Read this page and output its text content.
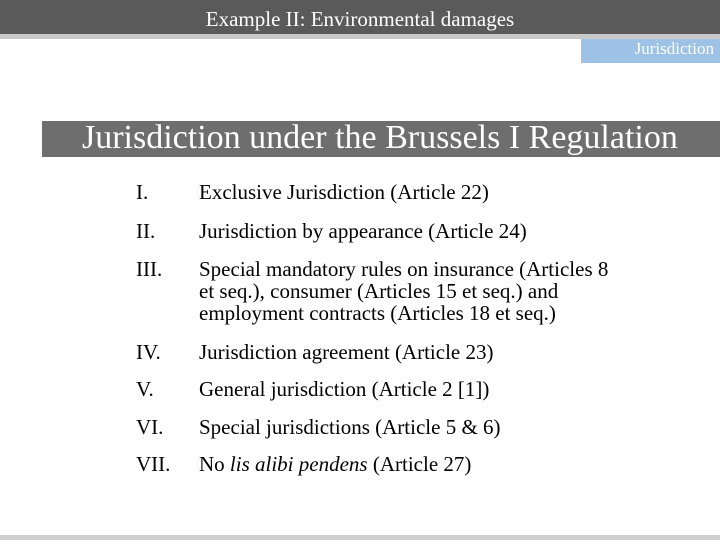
Example II: Environmental damages
Jurisdiction
Jurisdiction under the Brussels I Regulation
I. Exclusive Jurisdiction (Article 22)
II. Jurisdiction by appearance (Article 24)
III. Special mandatory rules on insurance (Articles 8
et seq.), consumer (Articles 15 et seq.) and
employment contracts (Articles 18 et seq.)
IV. Jurisdiction agreement (Article 23)
V. General jurisdiction (Article 2 [1])
VI. Special jurisdictions (Article 5 & 6)
VII. No lis alibi pendens (Article 27)
